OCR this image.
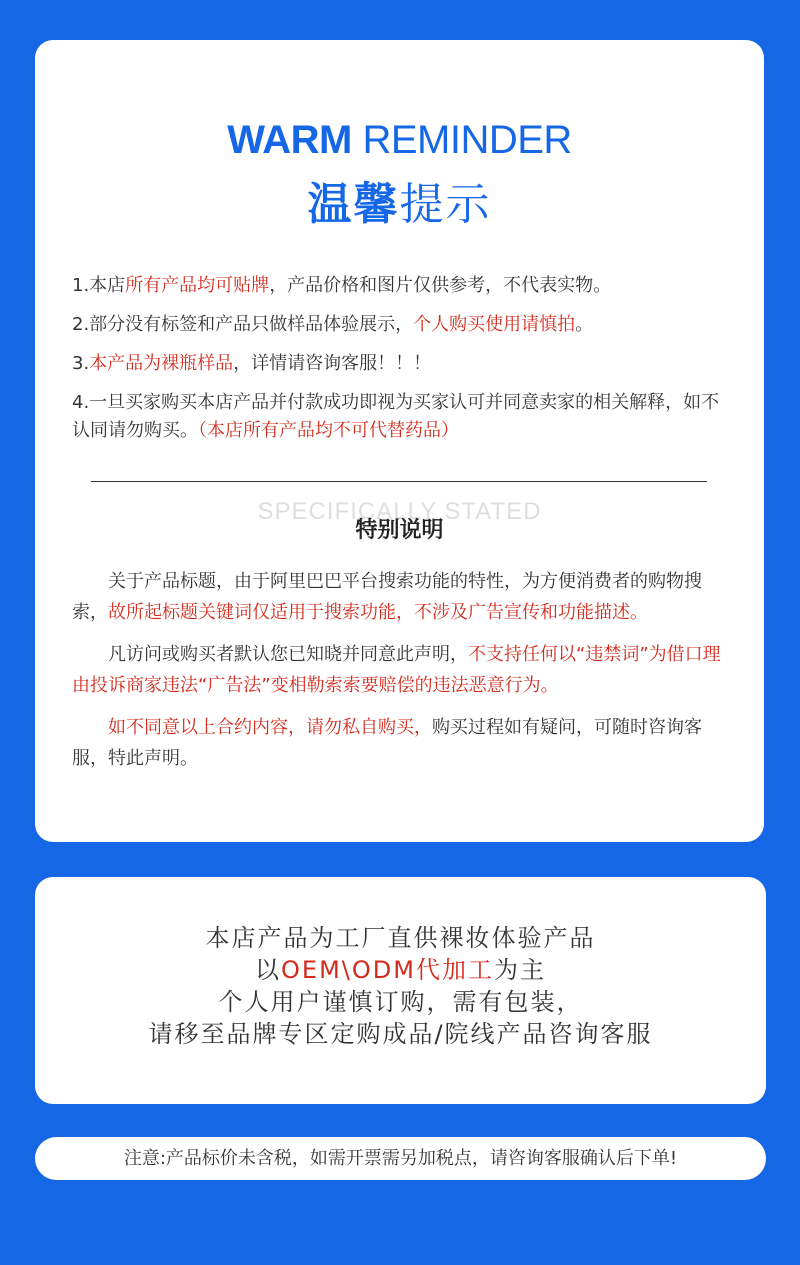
WARM REMINDER
温馨提示
1.本店所有产品均可贴牌，产品价格和图片仅供参考，不代表实物。
2.部分没有标签和产品只做样品体验展示，个人购买使用请慎拍。
3.本产品为裸瓶样品，详情请咨询客服！！！
4.一旦买家购买本店产品并付款成功即视为买家认可并同意卖家的相关解释，如不认同请勿购买。（本店所有产品均不可代替药品）
SPECIFICALLY STATED
特别说明
关于产品标题，由于阿里巴巴平台搜索功能的特性，为方便消费者的购物搜索，故所起标题关键词仅适用于搜索功能，不涉及广告宣传和功能描述。
凡访问或购买者默认您已知晓并同意此声明，不支持任何以“违禁词”为借口理由投诉商家违法“广告法”变相勒索索要赔偿的违法恶意行为。
如不同意以上合约内容，请勿私自购买，购买过程如有疑问，可随时咨询客服，特此声明。
本店产品为工厂直供裸妆体验产品
以OEM\ODM代加工为主
个人用户谨慎订购，需有包装，
请移至品牌专区定购成品/院线产品咨询客服
注意:产品标价未含税，如需开票需另加税点，请咨询客服确认后下单!
